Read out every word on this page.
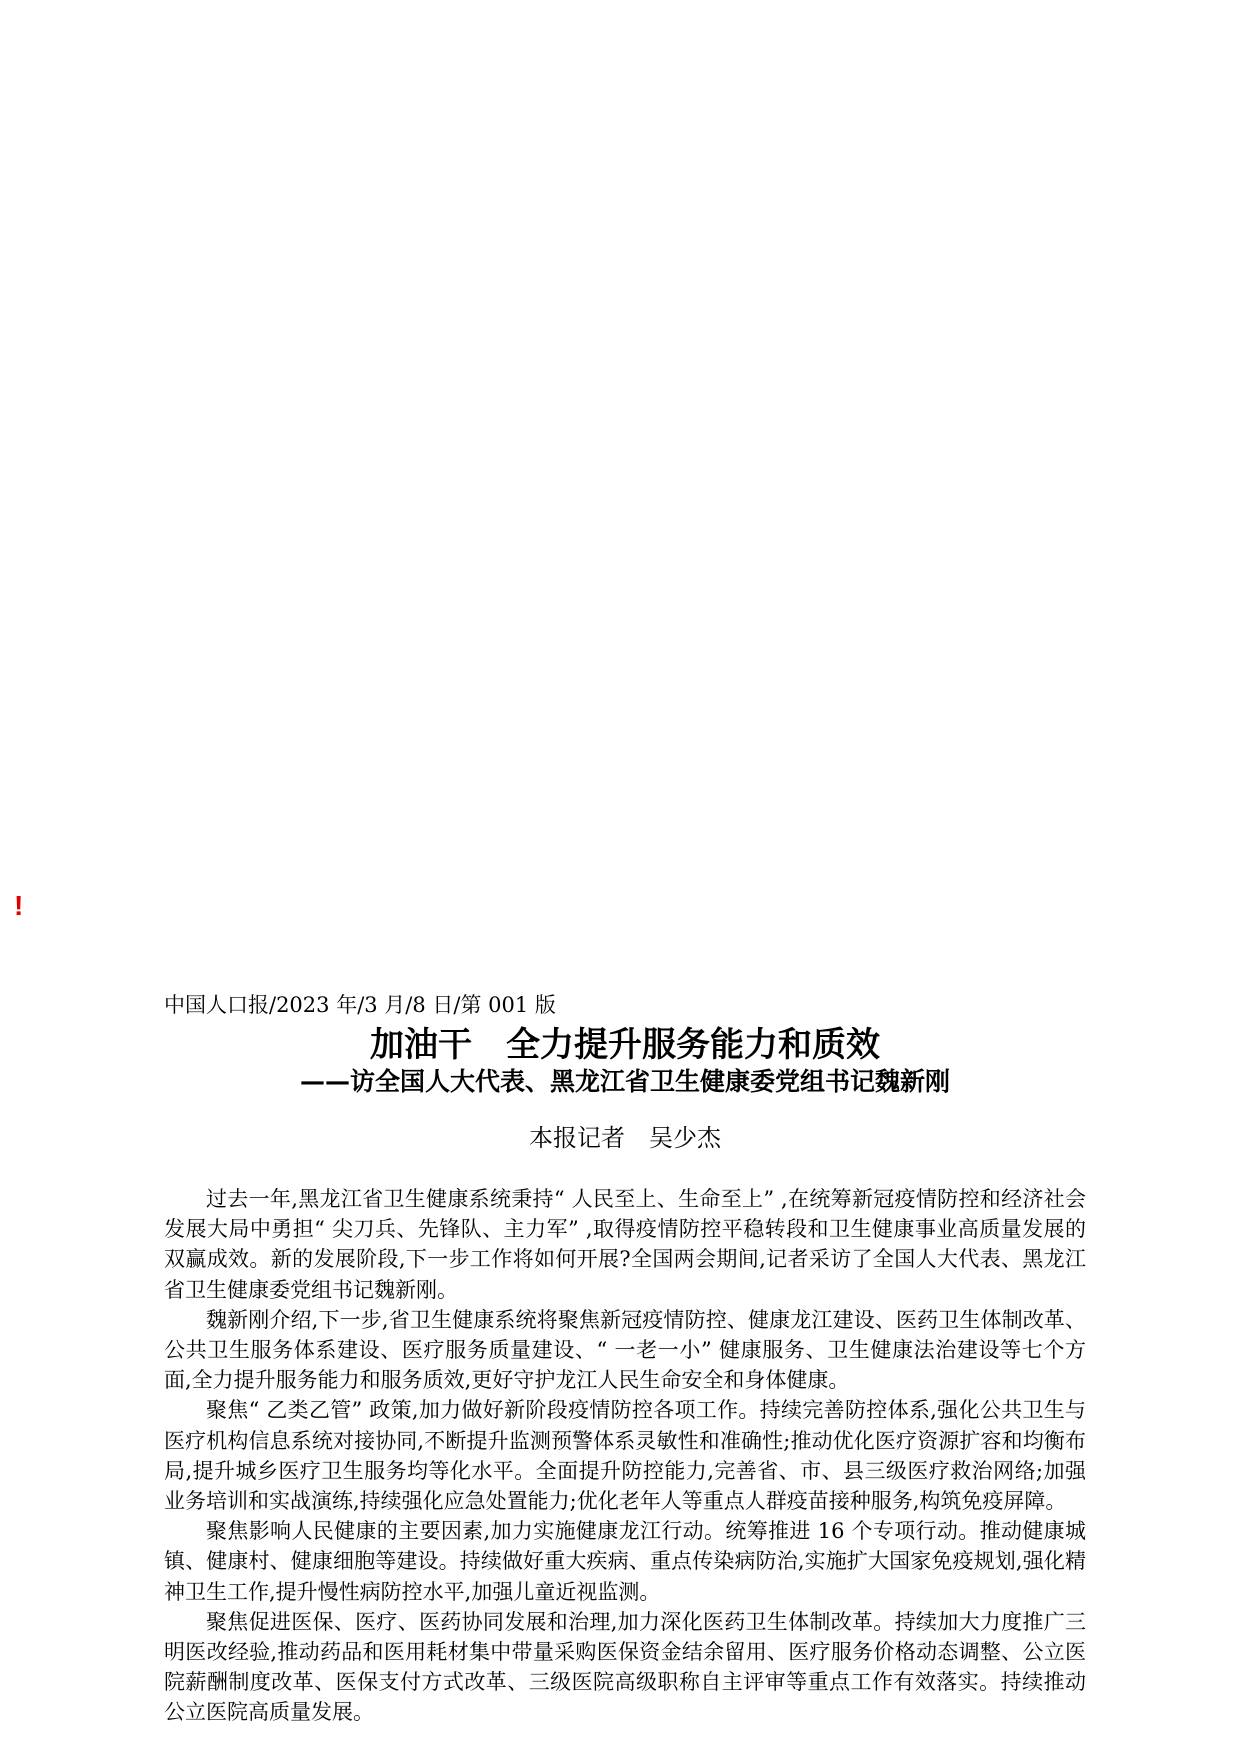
!
中国人口报/2023 年/3 月/8 日/第 001 版
加油干　全力提升服务能力和质效
——访全国人大代表、黑龙江省卫生健康委党组书记魏新刚
本报记者　吴少杰

过去一年,黑龙江省卫生健康系统秉持“ 人民至上、生命至上” ,在统筹新冠疫情防控和经济社会发展大局中勇担“ 尖刀兵、先锋队、主力军” ,取得疫情防控平稳转段和卫生健康事业高质量发展的双赢成效。新的发展阶段,下一步工作将如何开展?全国两会期间,记者采访了全国人大代表、黑龙江省卫生健康委党组书记魏新刚。

魏新刚介绍,下一步,省卫生健康系统将聚焦新冠疫情防控、健康龙江建设、医药卫生体制改革、公共卫生服务体系建设、医疗服务质量建设、“ 一老一小” 健康服务、卫生健康法治建设等七个方面,全力提升服务能力和服务质效,更好守护龙江人民生命安全和身体健康。

聚焦“ 乙类乙管” 政策,加力做好新阶段疫情防控各项工作。持续完善防控体系,强化公共卫生与医疗机构信息系统对接协同,不断提升监测预警体系灵敏性和准确性;推动优化医疗资源扩容和均衡布局,提升城乡医疗卫生服务均等化水平。全面提升防控能力,完善省、市、县三级医疗救治网络;加强业务培训和实战演练,持续强化应急处置能力;优化老年人等重点人群疫苗接种服务,构筑免疫屏障。

聚焦影响人民健康的主要因素,加力实施健康龙江行动。统筹推进 16 个专项行动。推动健康城镇、健康村、健康细胞等建设。持续做好重大疾病、重点传染病防治,实施扩大国家免疫规划,强化精神卫生工作,提升慢性病防控水平,加强儿童近视监测。

聚焦促进医保、医疗、医药协同发展和治理,加力深化医药卫生体制改革。持续加大力度推广三明医改经验,推动药品和医用耗材集中带量采购医保资金结余留用、医疗服务价格动态调整、公立医院薪酬制度改革、医保支付方式改革、三级医院高级职称自主评审等重点工作有效落实。持续推动公立医院高质量发展。
